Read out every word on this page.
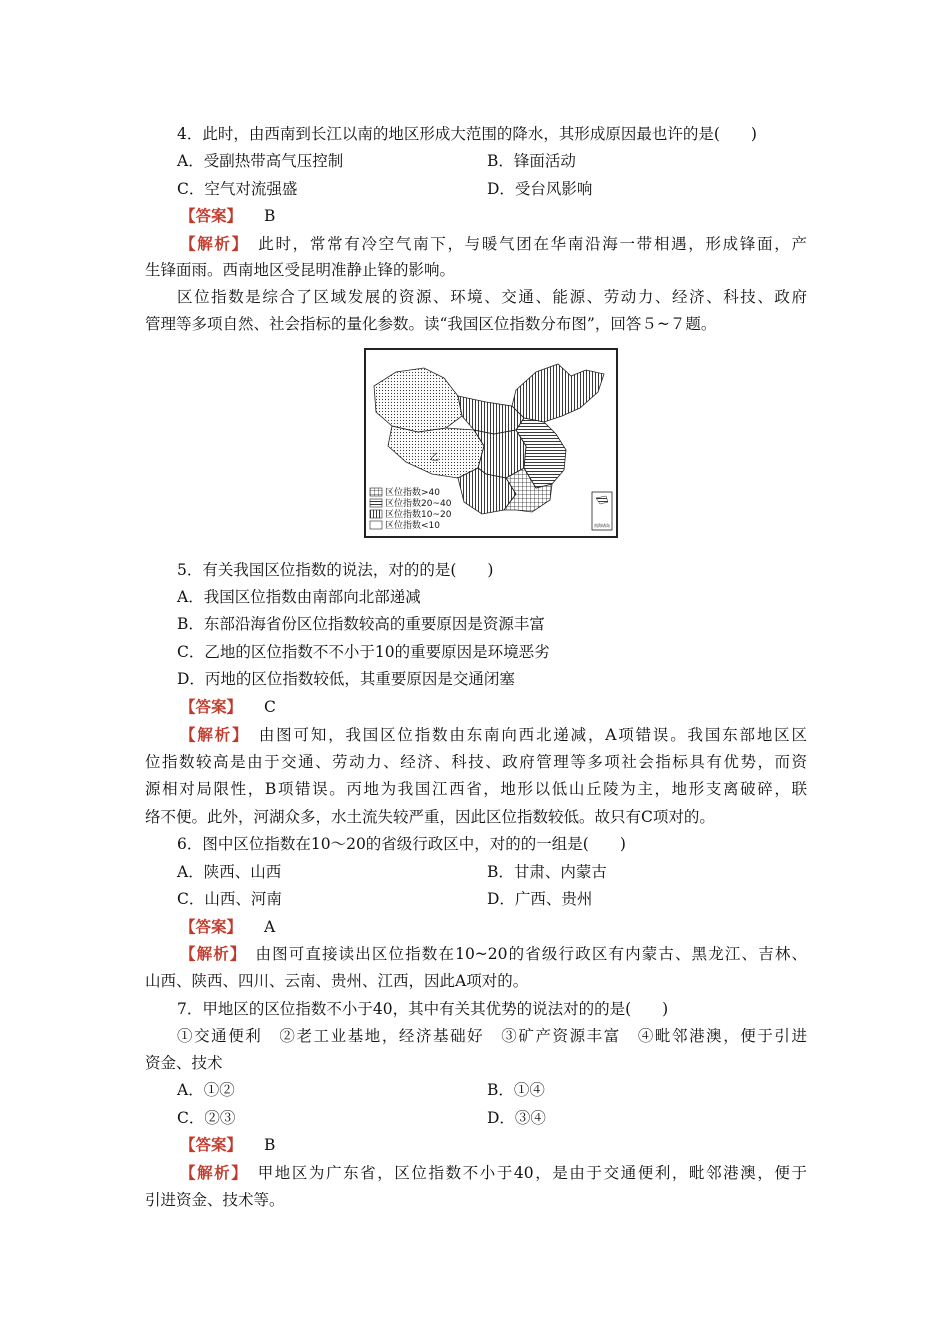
4．此时，由西南到长江以南的地区形成大范围的降水，其形成原因最也许的是(　　)
A．受副热带高气压控制	B．锋面活动
C．空气对流强盛	D．受台风影响
【答案】 B
【解析】　 此时，常常有冷空气南下，与暖气团在华南沿海一带相遇，形成锋面，产
生锋面雨。西南地区受昆明准静止锋的影响。
区位指数是综合了区域发展的资源、环境、交通、能源、劳动力、经济、科技、政府
管理等多项自然、社会指标的量化参数。读“我国区位指数分布图”，回答５~７题。
乙
区位指数>40
区位指数20~40
区位指数10~20
区位指数<10	南海诸岛
5．有关我国区位指数的说法，对的的是(　　)
A．我国区位指数由南部向北部递减
B．东部沿海省份区位指数较高的重要原因是资源丰富
C．乙地的区位指数不不小于10的重要原因是环境恶劣
D．丙地的区位指数较低，其重要原因是交通闭塞
【答案】 C
【解析】　 由图可知，我国区位指数由东南向西北递减，A项错误。我国东部地区区
位指数较高是由于交通、劳动力、经济、科技、政府管理等多项社会指标具有优势，而资
源相对局限性，B项错误。丙地为我国江西省，地形以低山丘陵为主，地形支离破碎，联
络不便。此外，河湖众多，水土流失较严重，因此区位指数较低。故只有C项对的。
6．图中区位指数在10～20的省级行政区中，对的的一组是(　　)
A．陕西、山西	B．甘肃、内蒙古
C．山西、河南	D．广西、贵州
【答案】 A
【解析】　 由图可直接读出区位指数在10~20的省级行政区有内蒙古、黑龙江、吉林、
山西、陕西、四川、云南、贵州、江西，因此A项对的。
7．甲地区的区位指数不小于40，其中有关其优势的说法对的的是(　　)
①交通便利　②老工业基地，经济基础好　③矿产资源丰富　④毗邻港澳，便于引进
资金、技术
A．①②	B．①④
C．②③	D．③④
【答案】 B
【解析】　 甲地区为广东省，区位指数不小于40，是由于交通便利，毗邻港澳，便于
引进资金、技术等。
